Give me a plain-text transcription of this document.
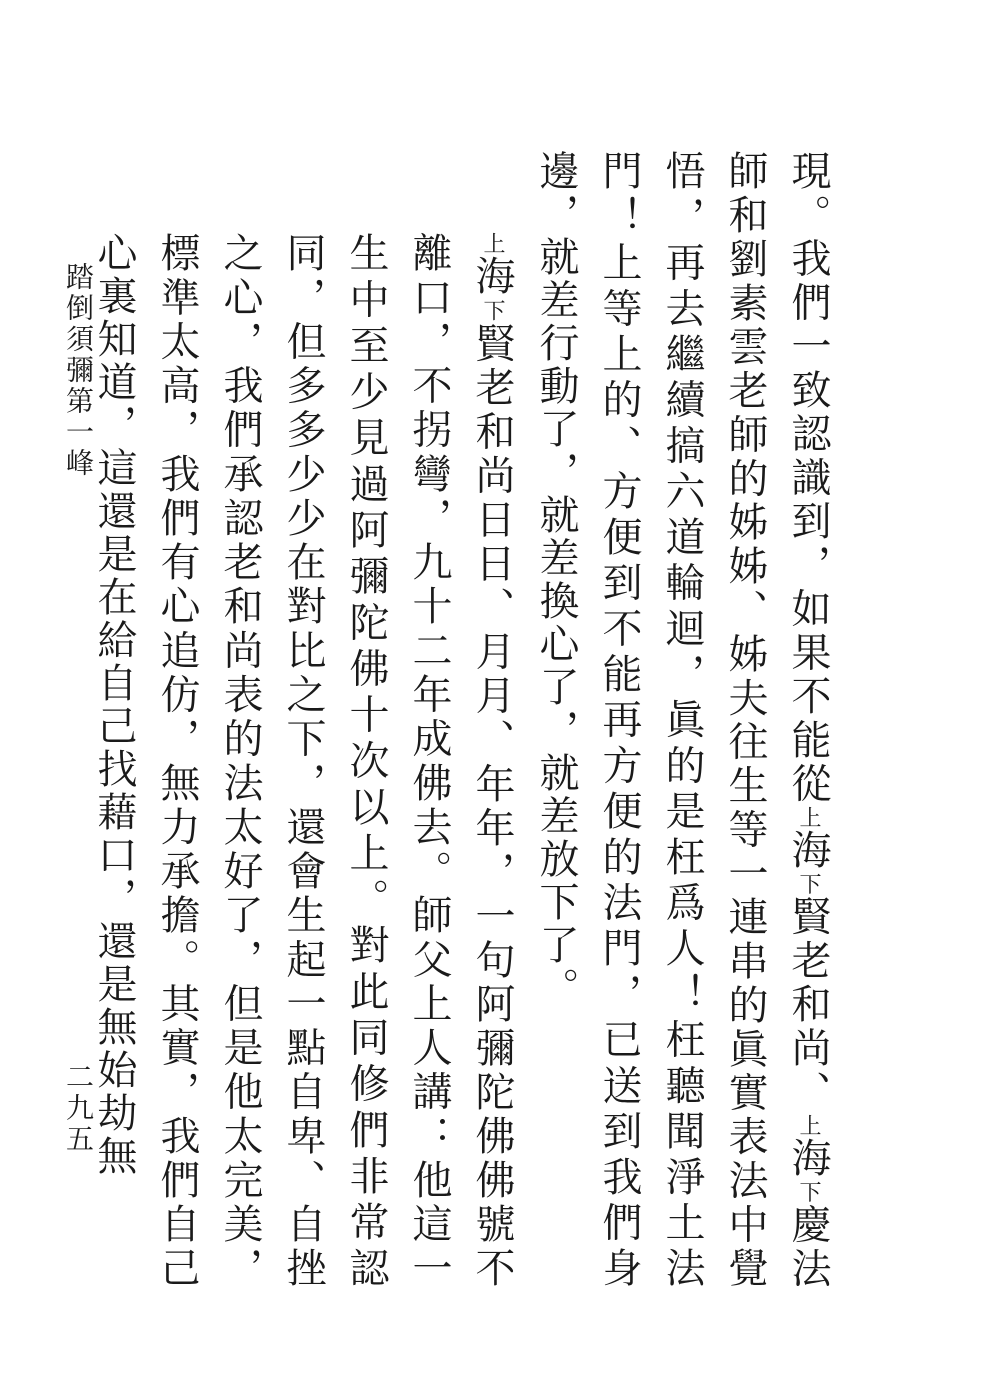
現。我們一致認識到，如果不能從上海下賢老和尚、上海下慶法師和劉素雲老師的姊姊、姊夫往生等一連串的眞實表法中覺悟，再去繼續搞六道輪迴，眞的是枉爲人！枉聽聞淨土法門！上等上的、方便到不能再方便的法門，已送到我們身邊，就差行動了，就差換心了，就差放下了。

上海下賢老和尚日日、月月、年年，一句阿彌陀佛佛號不離口，不拐彎，九十二年成佛去。師父上人講：他這一生中至少見過阿彌陀佛十次以上。對此同修們非常認同，但多多少少在對比之下，還會生起一點自卑、自挫之心，我們承認老和尚表的法太好了，但是他太完美，標準太高，我們有心追仿，無力承擔。其實，我們自己心裏知道，這還是在給自己找藉口，還是無始劫無

踏倒須彌第一峰
二九五
